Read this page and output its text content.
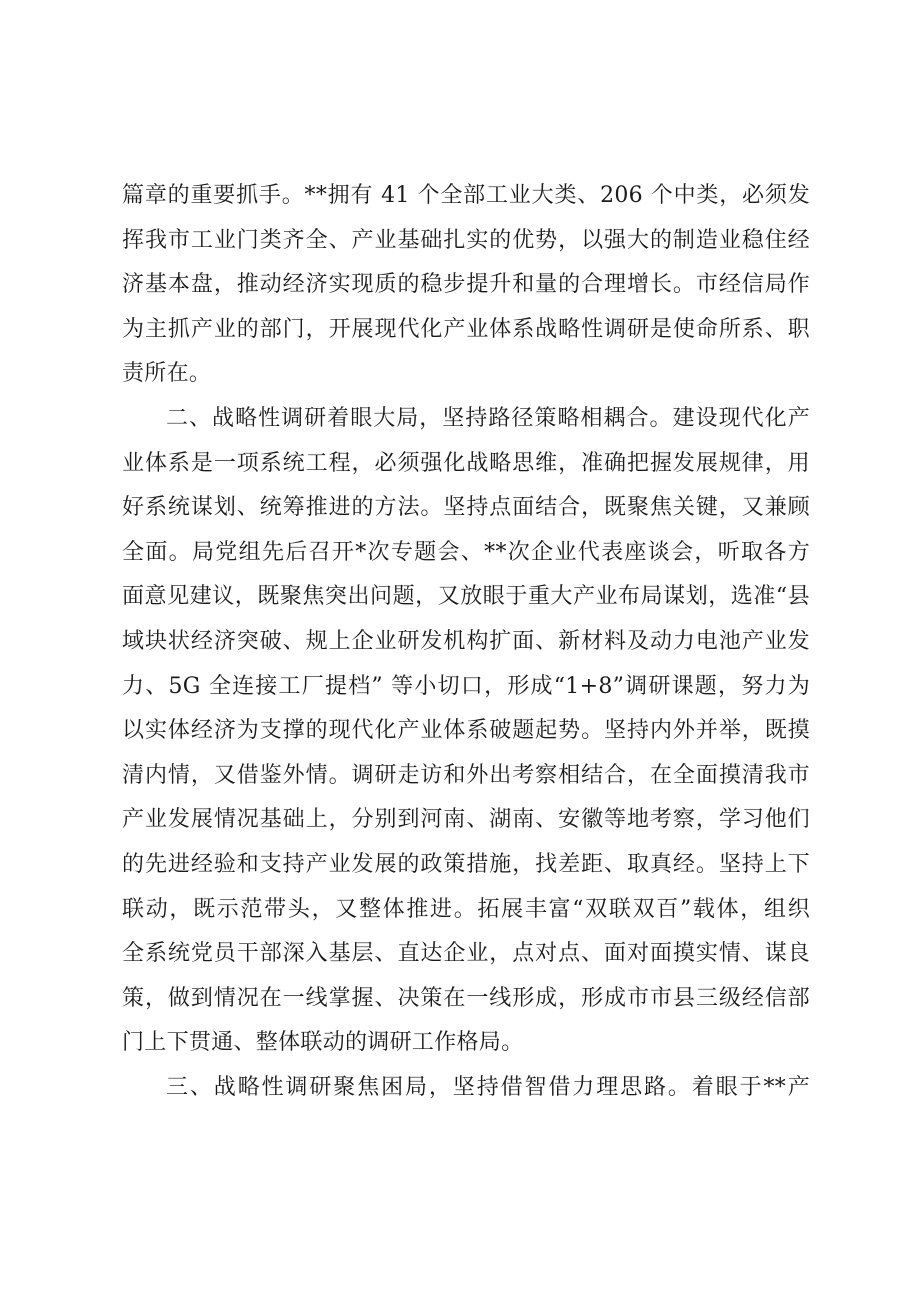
篇章的重要抓手。**拥有 41 个全部工业大类、206 个中类，必须发
挥我市工业门类齐全、产业基础扎实的优势，以强大的制造业稳住经
济基本盘，推动经济实现质的稳步提升和量的合理增长。市经信局作
为主抓产业的部门，开展现代化产业体系战略性调研是使命所系、职
责所在。
二、战略性调研着眼大局，坚持路径策略相耦合。建设现代化产
业体系是一项系统工程，必须强化战略思维，准确把握发展规律，用
好系统谋划、统筹推进的方法。坚持点面结合，既聚焦关键，又兼顾
全面。局党组先后召开*次专题会、**次企业代表座谈会，听取各方
面意见建议，既聚焦突出问题，又放眼于重大产业布局谋划，选准“县
域块状经济突破、规上企业研发机构扩面、新材料及动力电池产业发
力、5G 全连接工厂提档” 等小切口，形成“1+8”调研课题，努力为
以实体经济为支撑的现代化产业体系破题起势。坚持内外并举，既摸
清内情，又借鉴外情。调研走访和外出考察相结合，在全面摸清我市
产业发展情况基础上，分别到河南、湖南、安徽等地考察，学习他们
的先进经验和支持产业发展的政策措施，找差距、取真经。坚持上下
联动，既示范带头，又整体推进。拓展丰富“双联双百”载体，组织
全系统党员干部深入基层、直达企业，点对点、面对面摸实情、谋良
策，做到情况在一线掌握、决策在一线形成，形成市市县三级经信部
门上下贯通、整体联动的调研工作格局。
三、战略性调研聚焦困局，坚持借智借力理思路。着眼于**产
